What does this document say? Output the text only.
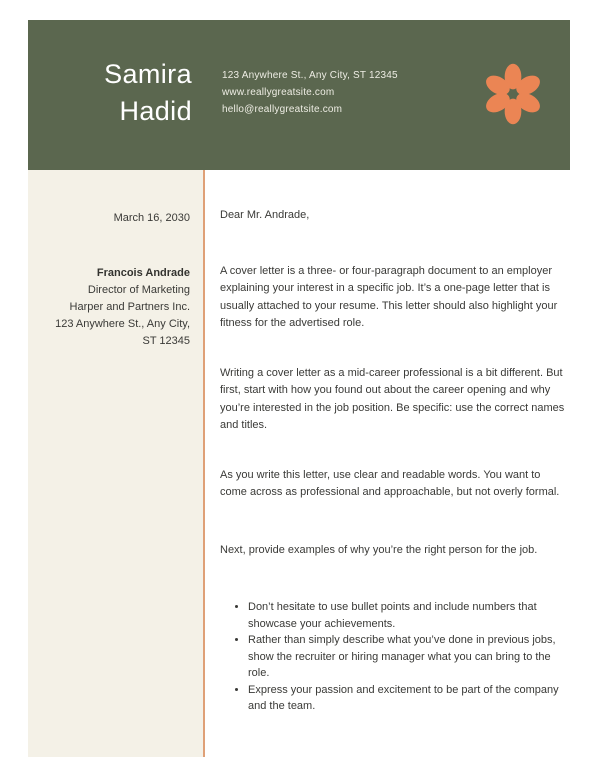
Samira
Hadid
123 Anywhere St., Any City, ST 12345
www.reallygreatsite.com
hello@reallygreatsite.com
March 16, 2030
Francois Andrade
Director of Marketing
Harper and Partners Inc.
123 Anywhere St., Any City,
ST 12345

Dear Mr. Andrade,

A cover letter is a three- or four-paragraph document to an employer explaining your interest in a specific job. It’s a one-page letter that is usually attached to your resume. This letter should also highlight your fitness for the advertised role.

Writing a cover letter as a mid-career professional is a bit different. But first, start with how you found out about the career opening and why you’re interested in the job position. Be specific: use the correct names and titles.

As you write this letter, use clear and readable words. You want to come across as professional and approachable, but not overly formal.

Next, provide examples of why you’re the right person for the job.

• Don’t hesitate to use bullet points and include numbers that showcase your achievements.
• Rather than simply describe what you’ve done in previous jobs, show the recruiter or hiring manager what you can bring to the role.
• Express your passion and excitement to be part of the company and the team.
